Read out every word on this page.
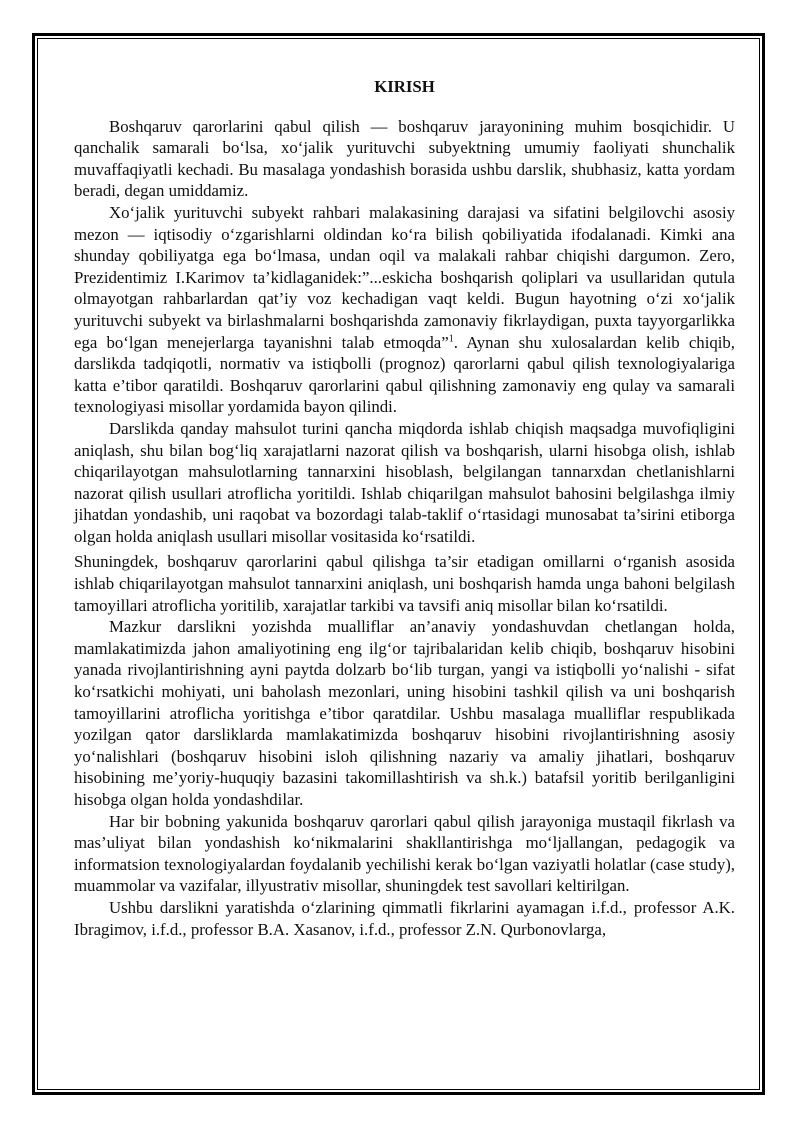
KIRISH

Boshqaruv qarorlarini qabul qilish — boshqaruv jarayonining muhim bosqichidir. U qanchalik samarali bo‘lsa, xo‘jalik yurituvchi subyektning umumiy faoliyati shunchalik muvaffaqiyatli kechadi. Bu masalaga yondashish borasida ushbu darslik, shubhasiz, katta yordam beradi, degan umiddamiz.

Xo‘jalik yurituvchi subyekt rahbari malakasining darajasi va sifatini belgilovchi asosiy mezon — iqtisodiy o‘zgarishlarni oldindan ko‘ra bilish qobiliyatida ifodalanadi. Kimki ana shunday qobiliyatga ega bo‘lmasa, undan oqil va malakali rahbar chiqishi dargumon. Zero, Prezidentimiz I.Karimov ta’kidlaganidek:”...eskicha boshqarish qoliplari va usullaridan qutula olmayotgan rahbarlardan qat’iy voz kechadigan vaqt keldi. Bugun hayotning o‘zi xo‘jalik yurituvchi subyekt va birlashmalarni boshqarishda zamonaviy fikrlaydigan, puxta tayyorgarlikka ega bo‘lgan menejerlarga tayanishni talab etmoqda”$^1$. Aynan shu xulosalardan kelib chiqib, darslikda tadqiqotli, normativ va istiqbolli (prognoz) qarorlarni qabul qilish texnologiyalariga katta e’tibor qaratildi. Boshqaruv qarorlarini qabul qilishning zamonaviy eng qulay va samarali texnologiyasi misollar yordamida bayon qilindi.

Darslikda qanday mahsulot turini qancha miqdorda ishlab chiqish maqsadga muvofiqligini aniqlash, shu bilan bog‘liq xarajatlarni nazorat qilish va boshqarish, ularni hisobga olish, ishlab chiqarilayotgan mahsulotlarning tannarxini hisoblash, belgilangan tannarxdan chetlanishlarni nazorat qilish usullari atroflicha yoritildi. Ishlab chiqarilgan mahsulot bahosini belgilashga ilmiy jihatdan yondashib, uni raqobat va bozordagi talab-taklif o‘rtasidagi munosabat ta’sirini etiborga olgan holda aniqlash usullari misollar vositasida ko‘rsatildi.

Shuningdek, boshqaruv qarorlarini qabul qilishga ta’sir etadigan omillarni o‘rganish asosida ishlab chiqarilayotgan mahsulot tannarxini aniqlash, uni boshqarish hamda unga bahoni belgilash tamoyillari atroflicha yoritilib, xarajatlar tarkibi va tavsifi aniq misollar bilan ko‘rsatildi.

Mazkur darslikni yozishda mualliflar an’anaviy yondashuvdan chetlangan holda, mamlakatimizda jahon amaliyotining eng ilg‘or tajribalaridan kelib chiqib, boshqaruv hisobini yanada rivojlantirishning ayni paytda dolzarb bo‘lib turgan, yangi va istiqbolli yo‘nalishi - sifat ko‘rsatkichi mohiyati, uni baholash mezonlari, uning hisobini tashkil qilish va uni boshqarish tamoyillarini atroflicha yoritishga e’tibor qaratdilar. Ushbu masalaga mualliflar respublikada yozilgan qator darsliklarda mamlakatimizda boshqaruv hisobini rivojlantirishning asosiy yo‘nalishlari (boshqaruv hisobini isloh qilishning nazariy va amaliy jihatlari, boshqaruv hisobining me’yoriy-huquqiy bazasini takomillashtirish va sh.k.) batafsil yoritib berilganligini hisobga olgan holda yondashdilar.

Har bir bobning yakunida boshqaruv qarorlari qabul qilish jarayoniga mustaqil fikrlash va mas’uliyat bilan yondashish ko‘nikmalarini shakllantirishga mo‘ljallangan, pedagogik va informatsion texnologiyalardan foydalanib yechilishi kerak bo‘lgan vaziyatli holatlar (case study), muammolar va vazifalar, illyustrativ misollar, shuningdek test savollari keltirilgan.

Ushbu darslikni yaratishda o‘zlarining qimmatli fikrlarini ayamagan i.f.d., professor A.K. Ibragimov, i.f.d., professor B.A. Xasanov, i.f.d., professor Z.N. Qurbonovlarga,
